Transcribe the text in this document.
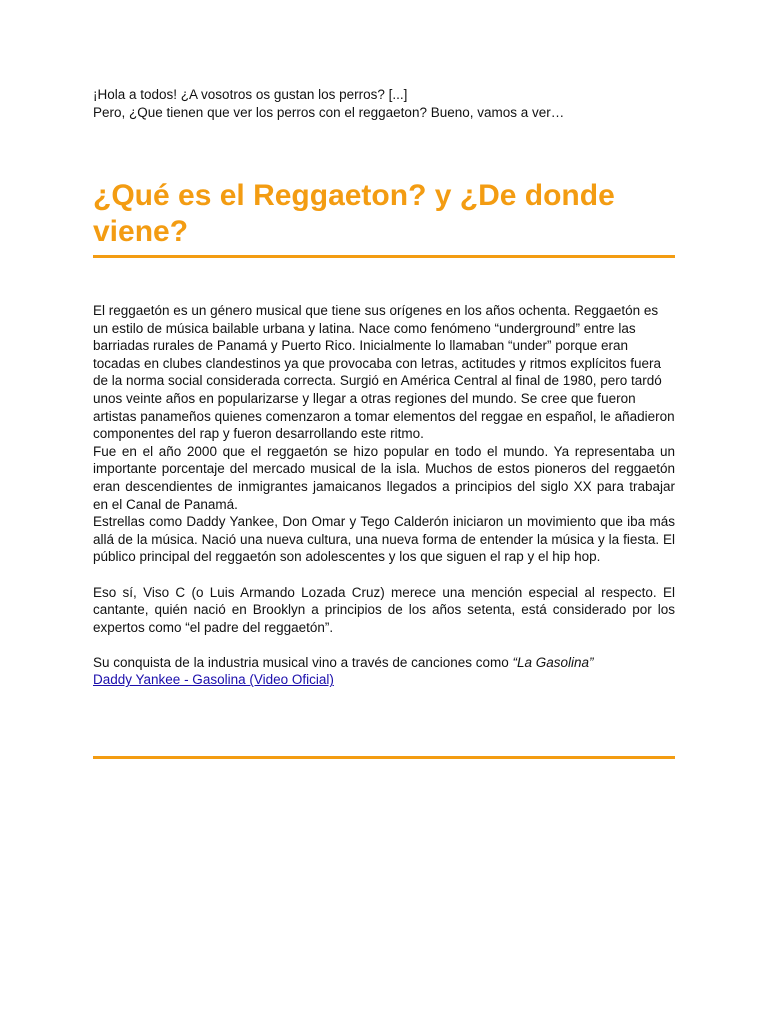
¡Hola a todos! ¿A vosotros os gustan los perros? [...]

Pero, ¿Que tienen que ver los perros con el reggaeton? Bueno, vamos a ver…

¿Qué es el Reggaeton? y ¿De donde viene?

El reggaetón es un género musical que tiene sus orígenes en los años ochenta. Reggaetón es un estilo de música bailable urbana y latina. Nace como fenómeno “underground” entre las barriadas rurales de Panamá y Puerto Rico. Inicialmente lo llamaban “under” porque eran tocadas en clubes clandestinos ya que provocaba con letras, actitudes y ritmos explícitos fuera de la norma social considerada correcta. Surgió en América Central al final de 1980, pero tardó unos veinte años en popularizarse y llegar a otras regiones del mundo. Se cree que fueron artistas panameños quienes comenzaron a tomar elementos del reggae en español, le añadieron componentes del rap y fueron desarrollando este ritmo.

Fue en el año 2000 que el reggaetón se hizo popular en todo el mundo. Ya representaba un importante porcentaje del mercado musical de la isla. Muchos de estos pioneros del reggaetón eran descendientes de inmigrantes jamaicanos llegados a principios del siglo XX para trabajar en el Canal de Panamá.

Estrellas como Daddy Yankee, Don Omar y Tego Calderón iniciaron un movimiento que iba más allá de la música. Nació una nueva cultura, una nueva forma de entender la música y la fiesta. El público principal del reggaetón son adolescentes y los que siguen el rap y el hip hop.

Eso sí, Viso C (o Luis Armando Lozada Cruz) merece una mención especial al respecto. El cantante, quién nació en Brooklyn a principios de los años setenta, está considerado por los expertos como “el padre del reggaetón”.

Su conquista de la industria musical vino a través de canciones como “La Gasolina”

Daddy Yankee - Gasolina (Video Oficial)
